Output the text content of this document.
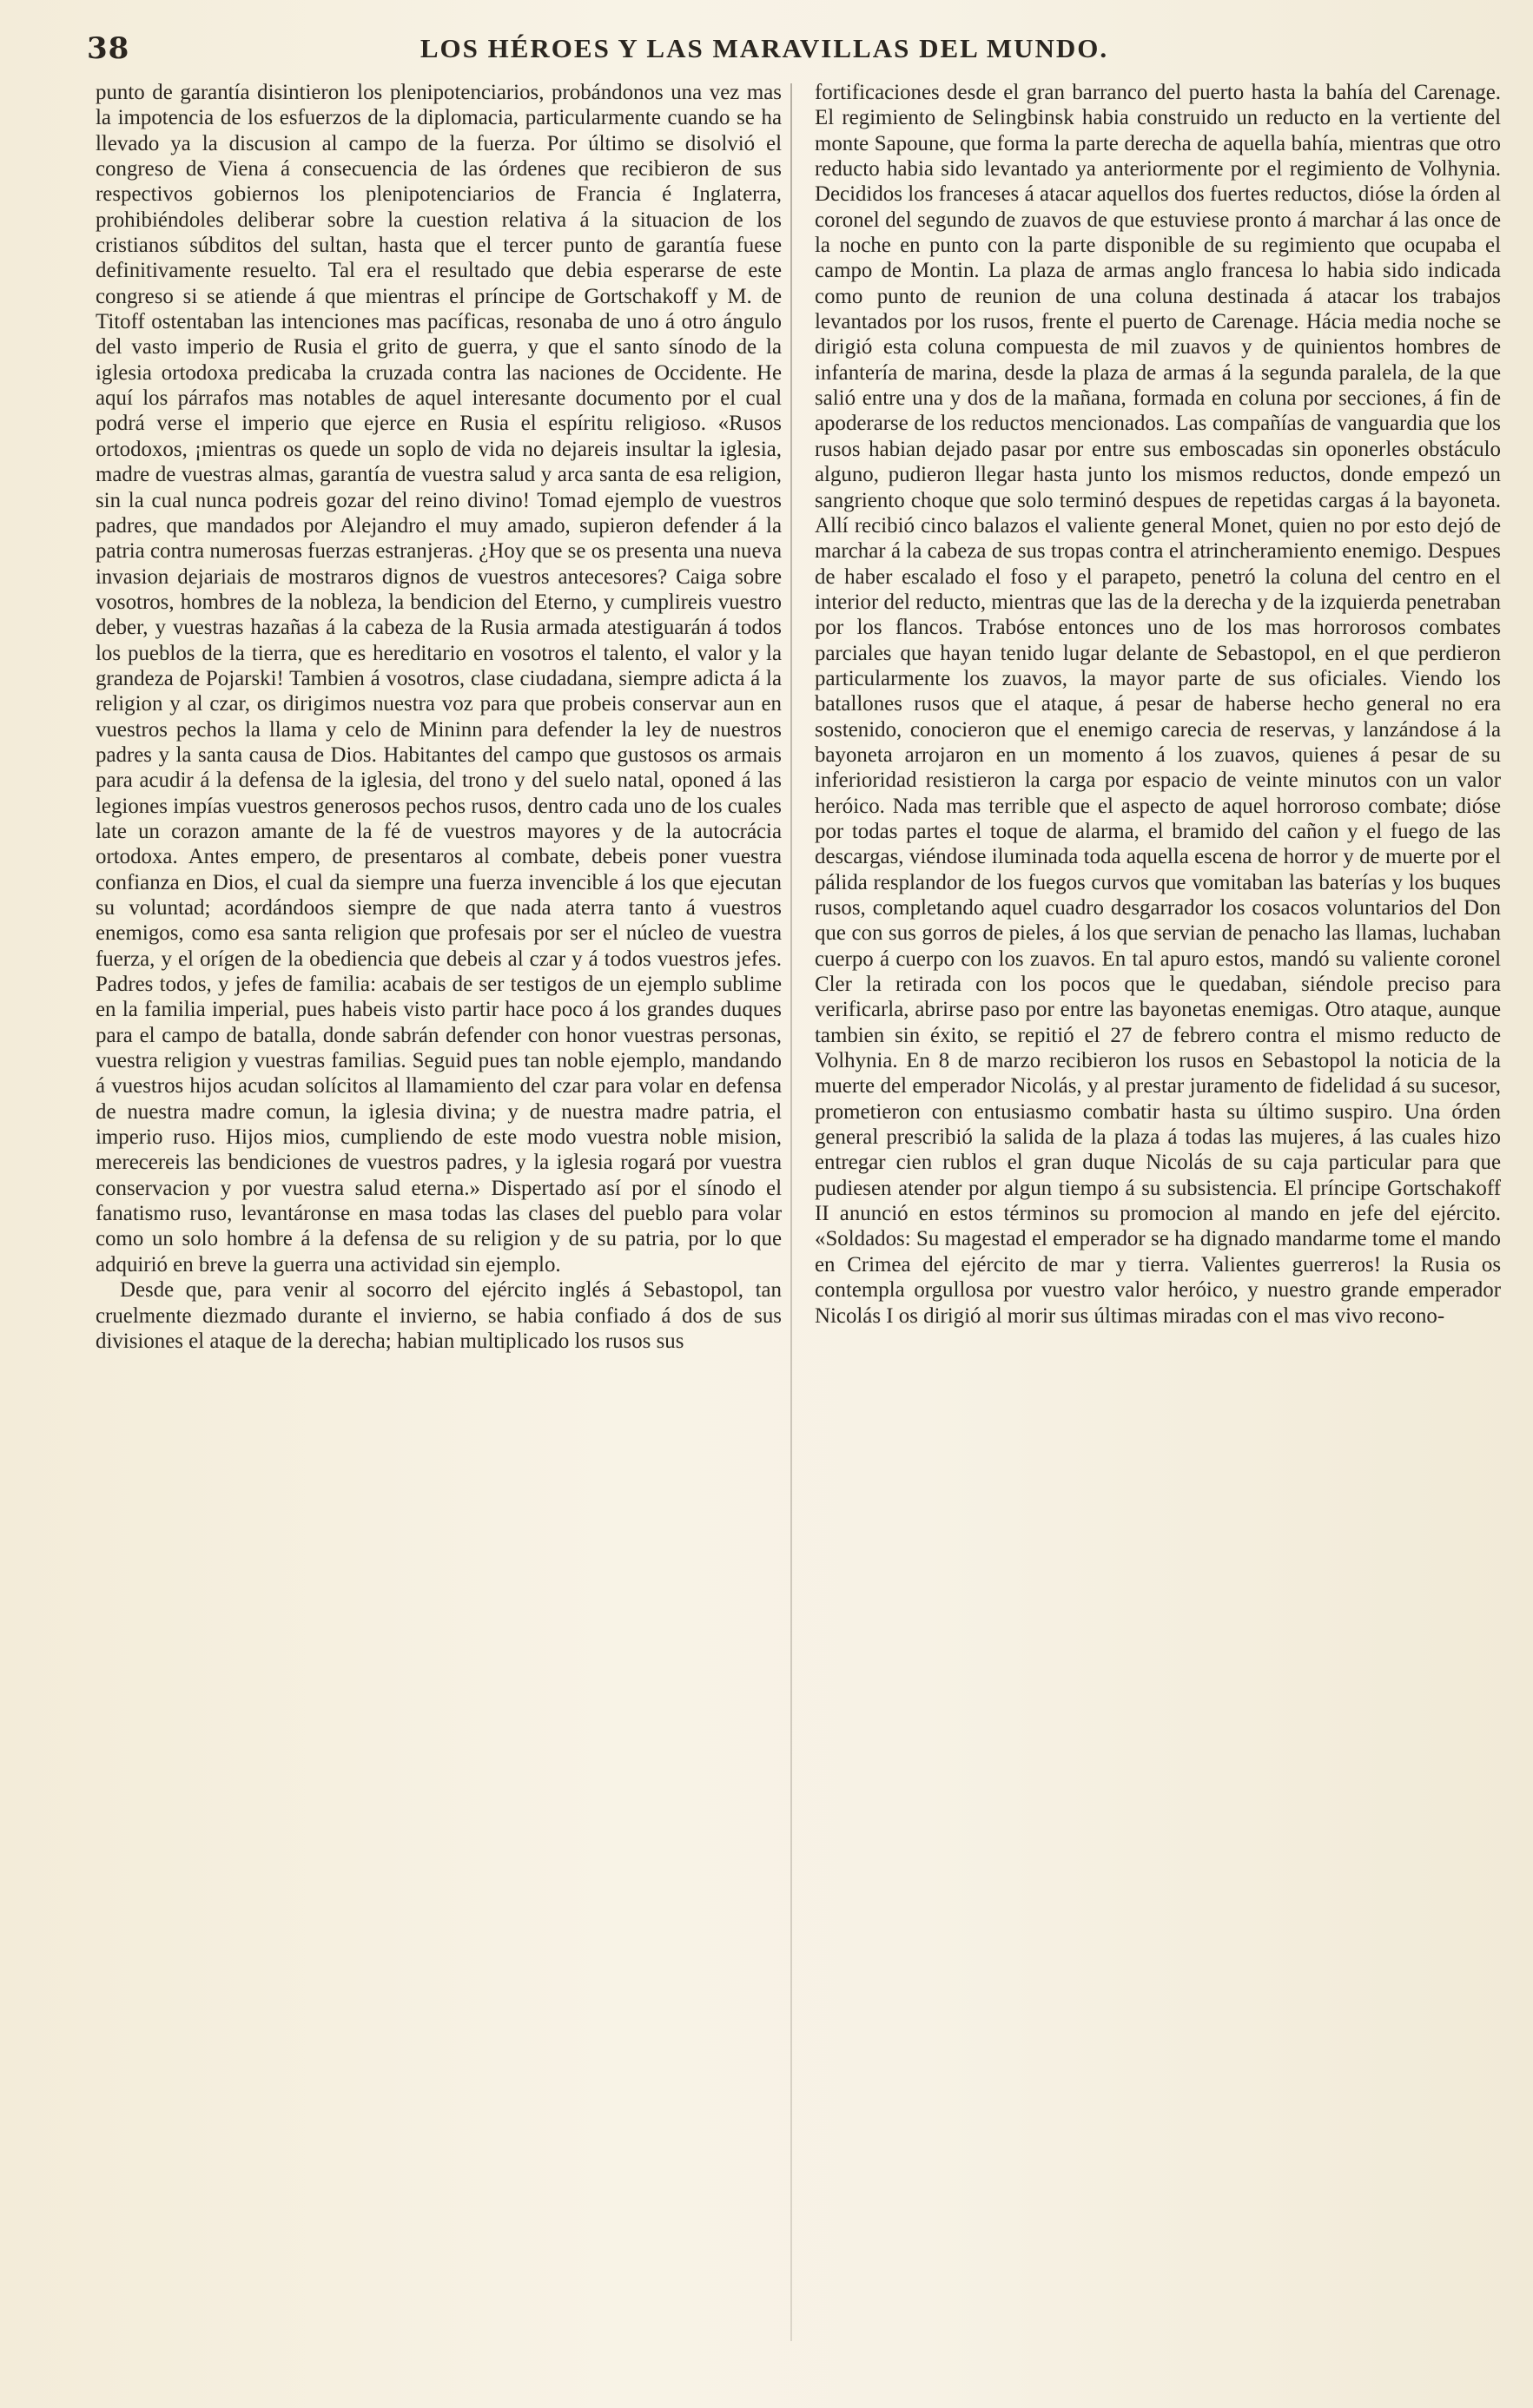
38	LOS HÉROES Y LAS MARAVILLAS DEL MUNDO.

punto de garantía disintieron los plenipotenciarios, probándonos una vez mas la impotencia de los esfuerzos de la diplomacia, particularmente cuando se ha llevado ya la discusion al campo de la fuerza. Por último se disolvió el congreso de Viena á consecuencia de las órdenes que recibieron de sus respectivos gobiernos los plenipotenciarios de Francia é Inglaterra, prohibiéndoles deliberar sobre la cuestion relativa á la situacion de los cristianos súbditos del sultan, hasta que el tercer punto de garantía fuese definitivamente resuelto. Tal era el resultado que debia esperarse de este congreso si se atiende á que mientras el príncipe de Gortschakoff y M. de Titoff ostentaban las intenciones mas pacíficas, resonaba de uno á otro ángulo del vasto imperio de Rusia el grito de guerra, y que el santo sínodo de la iglesia ortodoxa predicaba la cruzada contra las naciones de Occidente. He aquí los párrafos mas notables de aquel interesante documento por el cual podrá verse el imperio que ejerce en Rusia el espíritu religioso. «Rusos ortodoxos, ¡mientras os quede un soplo de vida no dejareis insultar la iglesia, madre de vuestras almas, garantía de vuestra salud y arca santa de esa religion, sin la cual nunca podreis gozar del reino divino! Tomad ejemplo de vuestros padres, que mandados por Alejandro el muy amado, supieron defender á la patria contra numerosas fuerzas estranjeras. ¿Hoy que se os presenta una nueva invasion dejariais de mostraros dignos de vuestros antecesores? Caiga sobre vosotros, hombres de la nobleza, la bendicion del Eterno, y cumplireis vuestro deber, y vuestras hazañas á la cabeza de la Rusia armada atestiguarán á todos los pueblos de la tierra, que es hereditario en vosotros el talento, el valor y la grandeza de Pojarski! Tambien á vosotros, clase ciudadana, siempre adicta á la religion y al czar, os dirigimos nuestra voz para que probeis conservar aun en vuestros pechos la llama y celo de Mininn para defender la ley de nuestros padres y la santa causa de Dios. Habitantes del campo que gustosos os armais para acudir á la defensa de la iglesia, del trono y del suelo natal, oponed á las legiones impías vuestros generosos pechos rusos, dentro cada uno de los cuales late un corazon amante de la fé de vuestros mayores y de la autocrácia ortodoxa. Antes empero, de presentaros al combate, debeis poner vuestra confianza en Dios, el cual da siempre una fuerza invencible á los que ejecutan su voluntad; acordándoos siempre de que nada aterra tanto á vuestros enemigos, como esa santa religion que profesais por ser el núcleo de vuestra fuerza, y el orígen de la obediencia que debeis al czar y á todos vuestros jefes. Padres todos, y jefes de familia: acabais de ser testigos de un ejemplo sublime en la familia imperial, pues habeis visto partir hace poco á los grandes duques para el campo de batalla, donde sabrán defender con honor vuestras personas, vuestra religion y vuestras familias. Seguid pues tan noble ejemplo, mandando á vuestros hijos acudan solícitos al llamamiento del czar para volar en defensa de nuestra madre comun, la iglesia divina; y de nuestra madre patria, el imperio ruso. Hijos mios, cumpliendo de este modo vuestra noble mision, merecereis las bendiciones de vuestros padres, y la iglesia rogará por vuestra conservacion y por vuestra salud eterna.» Dispertado así por el sínodo el fanatismo ruso, levantáronse en masa todas las clases del pueblo para volar como un solo hombre á la defensa de su religion y de su patria, por lo que adquirió en breve la guerra una actividad sin ejemplo.

Desde que, para venir al socorro del ejército inglés á Sebastopol, tan cruelmente diezmado durante el invierno, se habia confiado á dos de sus divisiones el ataque de la derecha; habian multiplicado los rusos sus

fortificaciones desde el gran barranco del puerto hasta la bahía del Carenage. El regimiento de Selingbinsk habia construido un reducto en la vertiente del monte Sapoune, que forma la parte derecha de aquella bahía, mientras que otro reducto habia sido levantado ya anteriormente por el regimiento de Volhynia. Decididos los franceses á atacar aquellos dos fuertes reductos, dióse la órden al coronel del segundo de zuavos de que estuviese pronto á marchar á las once de la noche en punto con la parte disponible de su regimiento que ocupaba el campo de Montin. La plaza de armas anglo francesa lo habia sido indicada como punto de reunion de una coluna destinada á atacar los trabajos levantados por los rusos, frente el puerto de Carenage. Hácia media noche se dirigió esta coluna compuesta de mil zuavos y de quinientos hombres de infantería de marina, desde la plaza de armas á la segunda paralela, de la que salió entre una y dos de la mañana, formada en coluna por secciones, á fin de apoderarse de los reductos mencionados. Las compañías de vanguardia que los rusos habian dejado pasar por entre sus emboscadas sin oponerles obstáculo alguno, pudieron llegar hasta junto los mismos reductos, donde empezó un sangriento choque que solo terminó despues de repetidas cargas á la bayoneta. Allí recibió cinco balazos el valiente general Monet, quien no por esto dejó de marchar á la cabeza de sus tropas contra el atrincheramiento enemigo. Despues de haber escalado el foso y el parapeto, penetró la coluna del centro en el interior del reducto, mientras que las de la derecha y de la izquierda penetraban por los flancos. Trabóse entonces uno de los mas horrorosos combates parciales que hayan tenido lugar delante de Sebastopol, en el que perdieron particularmente los zuavos, la mayor parte de sus oficiales. Viendo los batallones rusos que el ataque, á pesar de haberse hecho general no era sostenido, conocieron que el enemigo carecia de reservas, y lanzándose á la bayoneta arrojaron en un momento á los zuavos, quienes á pesar de su inferioridad resistieron la carga por espacio de veinte minutos con un valor heróico. Nada mas terrible que el aspecto de aquel horroroso combate; dióse por todas partes el toque de alarma, el bramido del cañon y el fuego de las descargas, viéndose iluminada toda aquella escena de horror y de muerte por el pálida resplandor de los fuegos curvos que vomitaban las baterías y los buques rusos, completando aquel cuadro desgarrador los cosacos voluntarios del Don que con sus gorros de pieles, á los que servian de penacho las llamas, luchaban cuerpo á cuerpo con los zuavos. En tal apuro estos, mandó su valiente coronel Cler la retirada con los pocos que le quedaban, siéndole preciso para verificarla, abrirse paso por entre las bayonetas enemigas. Otro ataque, aunque tambien sin éxito, se repitió el 27 de febrero contra el mismo reducto de Volhynia. En 8 de marzo recibieron los rusos en Sebastopol la noticia de la muerte del emperador Nicolás, y al prestar juramento de fidelidad á su sucesor, prometieron con entusiasmo combatir hasta su último suspiro. Una órden general prescribió la salida de la plaza á todas las mujeres, á las cuales hizo entregar cien rublos el gran duque Nicolás de su caja particular para que pudiesen atender por algun tiempo á su subsistencia. El príncipe Gortschakoff II anunció en estos términos su promocion al mando en jefe del ejército. «Soldados: Su magestad el emperador se ha dignado mandarme tome el mando en Crimea del ejército de mar y tierra. Valientes guerreros! la Rusia os contempla orgullosa por vuestro valor heróico, y nuestro grande emperador Nicolás I os dirigió al morir sus últimas miradas con el mas vivo recono-
